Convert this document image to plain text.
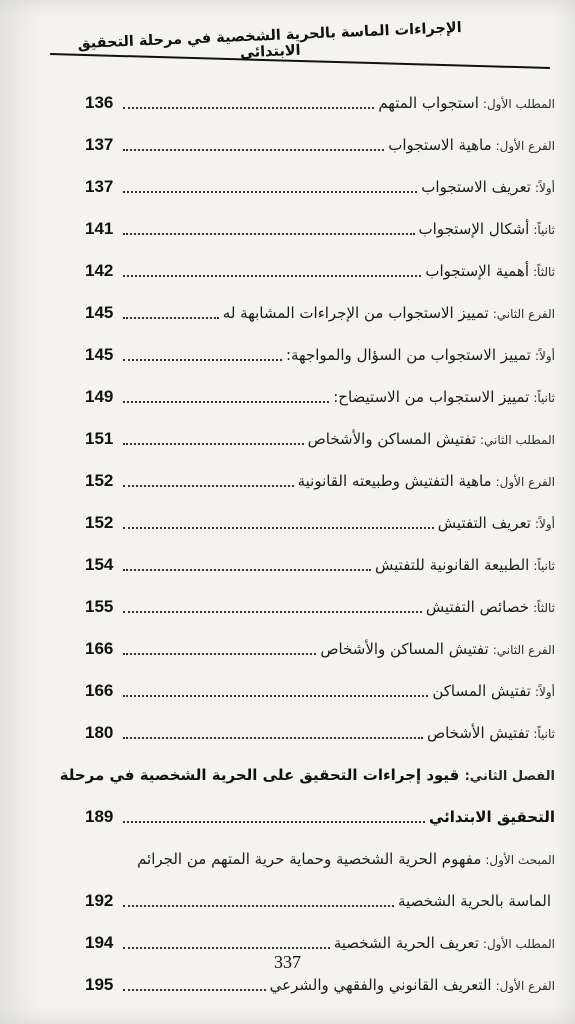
الإجراءات الماسة بالحرية الشخصية في مرحلة التحقيق الابتدائي
المطلب الأول:
استجواب المتهم
136
الفرع الأول:
ماهية الاستجواب
137
أولاً:
تعريف الاستجواب
137
ثانياً:
أشكال الإستجواب
141
ثالثاً:
أهمية الإستجواب
142
الفرع الثاني:
تمييز الاستجواب من الإجراءات المشابهة له
145
أولاً:
تمييز الاستجواب من السؤال والمواجهة:
145
ثانياً:
تمييز الاستجواب من الاستيضاح:
149
المطلب الثاني:
تفتيش المساكن والأشخاص
151
الفرع الأول:
ماهية التفتيش وطبيعته القانونية
152
أولاً:
تعريف التفتيش
152
ثانياً:
الطبيعة القانونية للتفتيش
154
ثالثاً:
خصائص التفتيش
155
الفرع الثاني:
تفتيش المساكن والأشخاص
166
أولاً:
تفتيش المساكن
166
ثانياً:
تفتيش الأشخاص
180
الفصل الثاني: قيود إجراءات التحقيق على الحرية الشخصية في مرحلة
التحقيق الابتدائي
189
المبحث الأول:
مفهوم الحرية الشخصية وحماية حرية المتهم من الجرائم
الماسة بالحرية الشخصية
192
المطلب الأول:
تعريف الحرية الشخصية
194
الفرع الأول:
التعريف القانوني والفقهي والشرعي
195
337
